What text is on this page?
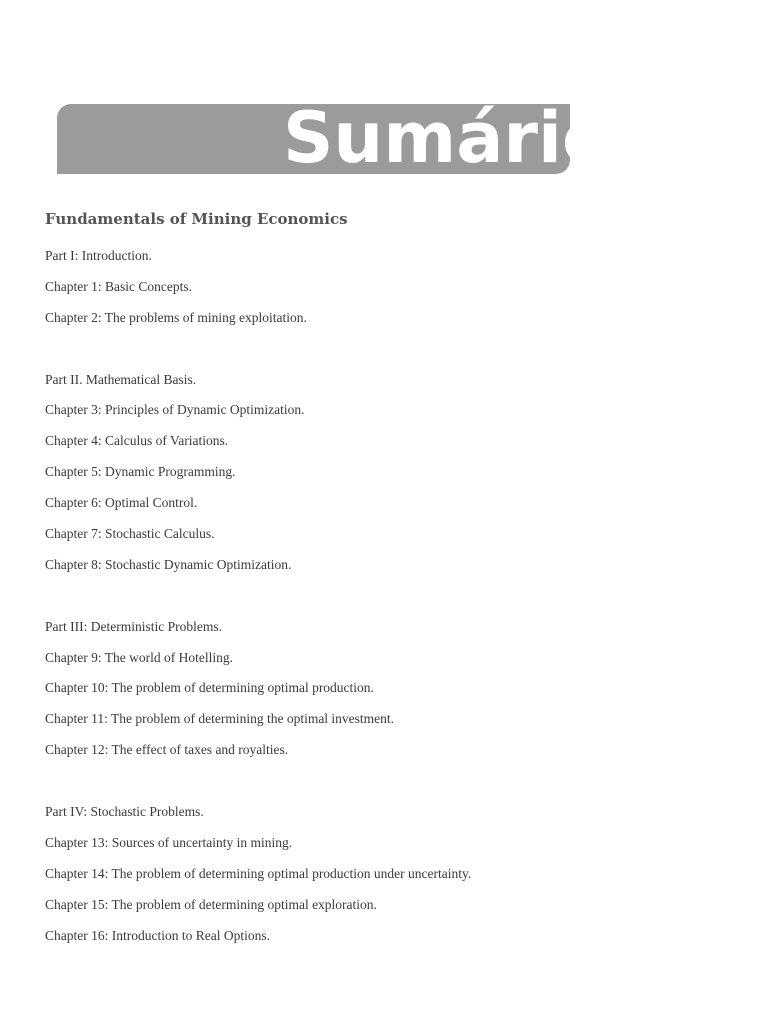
Sumário
Fundamentals of Mining Economics
Part I: Introduction.
Chapter 1: Basic Concepts.
Chapter 2: The problems of mining exploitation.
Part II. Mathematical Basis.
Chapter 3: Principles of Dynamic Optimization.
Chapter 4: Calculus of Variations.
Chapter 5: Dynamic Programming.
Chapter 6: Optimal Control.
Chapter 7: Stochastic Calculus.
Chapter 8: Stochastic Dynamic Optimization.
Part III: Deterministic Problems.
Chapter 9: The world of Hotelling.
Chapter 10: The problem of determining optimal production.
Chapter 11: The problem of determining the optimal investment.
Chapter 12: The effect of taxes and royalties.
Part IV: Stochastic Problems.
Chapter 13: Sources of uncertainty in mining.
Chapter 14: The problem of determining optimal production under uncertainty.
Chapter 15: The problem of determining optimal exploration.
Chapter 16: Introduction to Real Options.
